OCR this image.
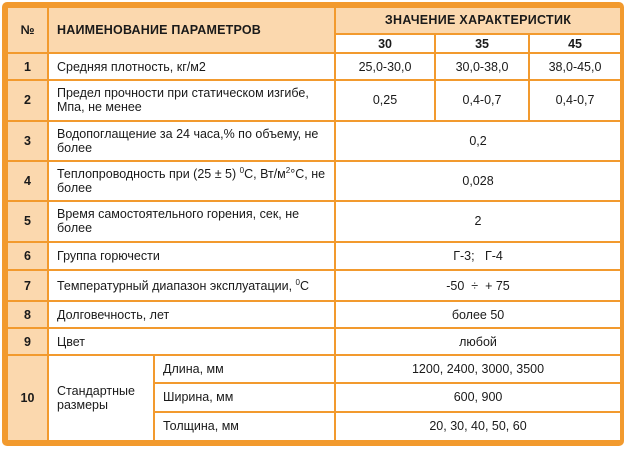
№	НАИМЕНОВАНИЕ ПАРАМЕТРОВ		ЗНАЧЕНИЕ ХАРАКТЕРИСТИК		
			30	35	45
1	Средняя плотность, кг/м2		25,0-30,0	30,0-38,0	38,0-45,0
2	Предел прочности при статическом изгибе, Мпа, не менее		0,25	0,4-0,7	0,4-0,7
3	Водопоглащение за 24 часа,% по объему, не более		0,2		
4	Теплопроводность при (25 ± 5) $^0$С, $Вт/м^2^\circ С$, не более		0,028		
5	Время самостоятельного горения, сек, не более		2		
6	Группа горючести		Г-3;   Г-4		
7	Температурный диапазон эксплуатации, $^0$С		-50  ÷  + 75		
8	Долговечность, лет		более 50		
9	Цвет		любой		
10	Стандартные размеры	Длина, мм	1200, 2400, 3000, 3500		
		Ширина, мм	600, 900		
		Толщина, мм	20, 30, 40, 50, 60		
